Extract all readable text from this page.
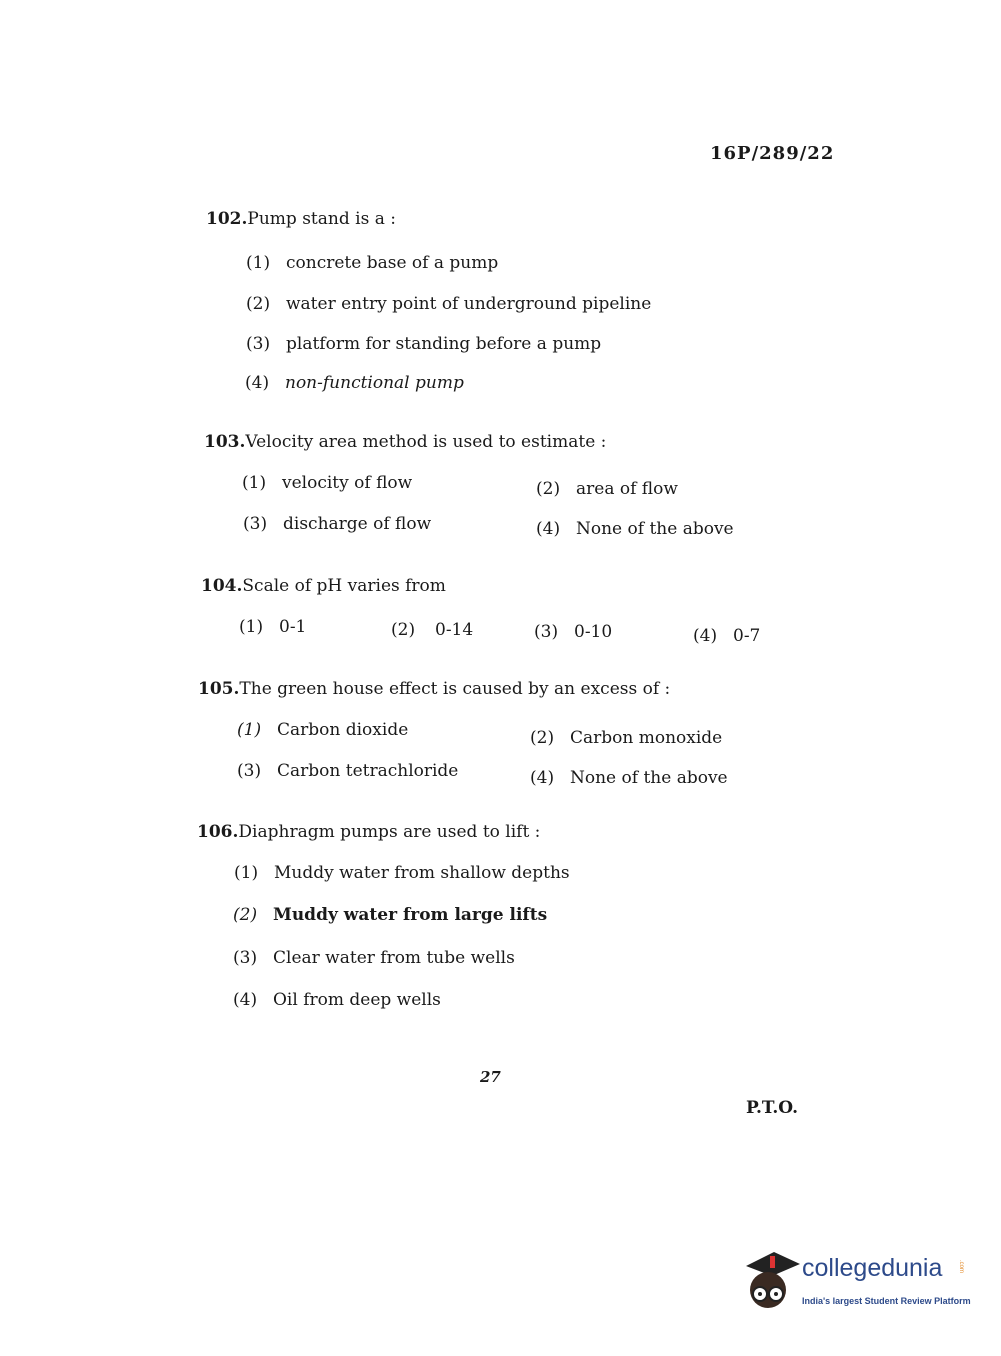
16P/289/22
102.Pump stand is a :
(1) concrete base of a pump
(2) water entry point of underground pipeline
(3) platform for standing before a pump
(4) non-functional pump
103.Velocity area method is used to estimate :
(1) velocity of flow	(2) area of flow
(3) discharge of flow	(4) None of the above
104.Scale of pH varies from
(1) 0-1	(2) 0-14	(3) 0-10	(4) 0-7
105.The green house effect is caused by an excess of :
(1) Carbon dioxide	(2) Carbon monoxide
(3) Carbon tetrachloride	(4) None of the above
106.Diaphragm pumps are used to lift :
(1) Muddy water from shallow depths
(2) Muddy water from large lifts
(3) Clear water from tube wells
(4) Oil from deep wells
27
P.T.O.
collegedunia	.com
India's largest Student Review Platform
